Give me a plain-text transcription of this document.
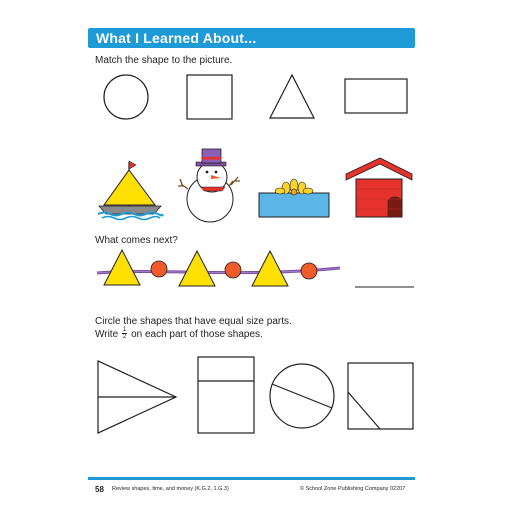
What I Learned About...
Match the shape to the picture.
What comes next?
Circle the shapes that have equal size parts.
Write $\frac{1}{2}$ on each part of those shapes.
58 Review shapes, time, and money (K.G.2, 1.G.3)	© School Zone Publishing Company 02207
